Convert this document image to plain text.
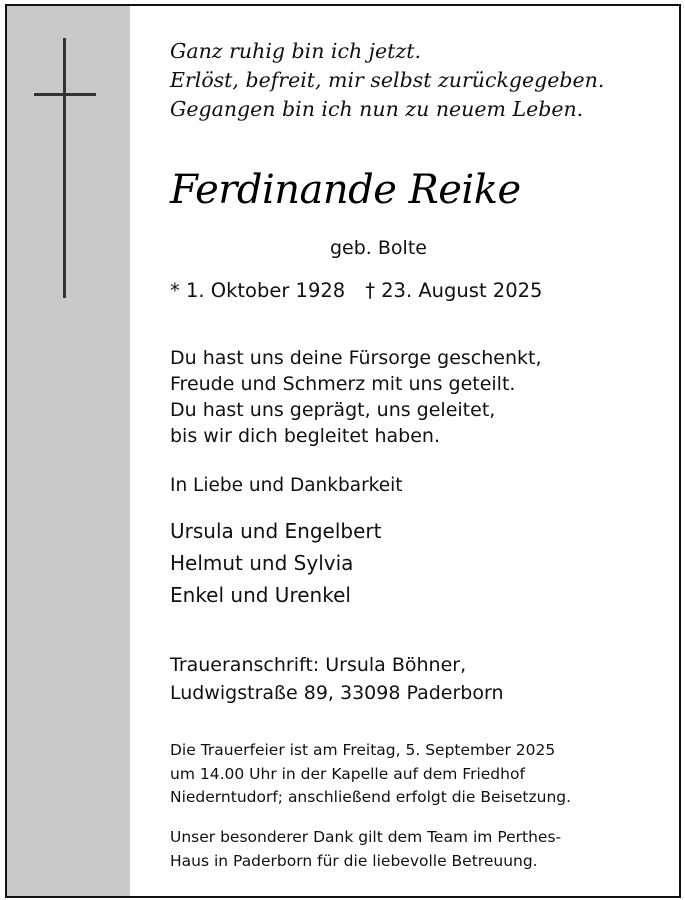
Ganz ruhig bin ich jetzt.
Erlöst, befreit, mir selbst zurückgegeben.
Gegangen bin ich nun zu neuem Leben.
Ferdinande Reike
geb. Bolte
* 1. Oktober 1928 † 23. August 2025
Du hast uns deine Fürsorge geschenkt,
Freude und Schmerz mit uns geteilt.
Du hast uns geprägt, uns geleitet,
bis wir dich begleitet haben.
In Liebe und Dankbarkeit
Ursula und Engelbert
Helmut und Sylvia
Enkel und Urenkel
Traueranschrift: Ursula Böhner,
Ludwigstraße 89, 33098 Paderborn
Die Trauerfeier ist am Freitag, 5. September 2025
um 14.00 Uhr in der Kapelle auf dem Friedhof
Niederntudorf; anschließend erfolgt die Beisetzung.
Unser besonderer Dank gilt dem Team im Perthes-
Haus in Paderborn für die liebevolle Betreuung.
